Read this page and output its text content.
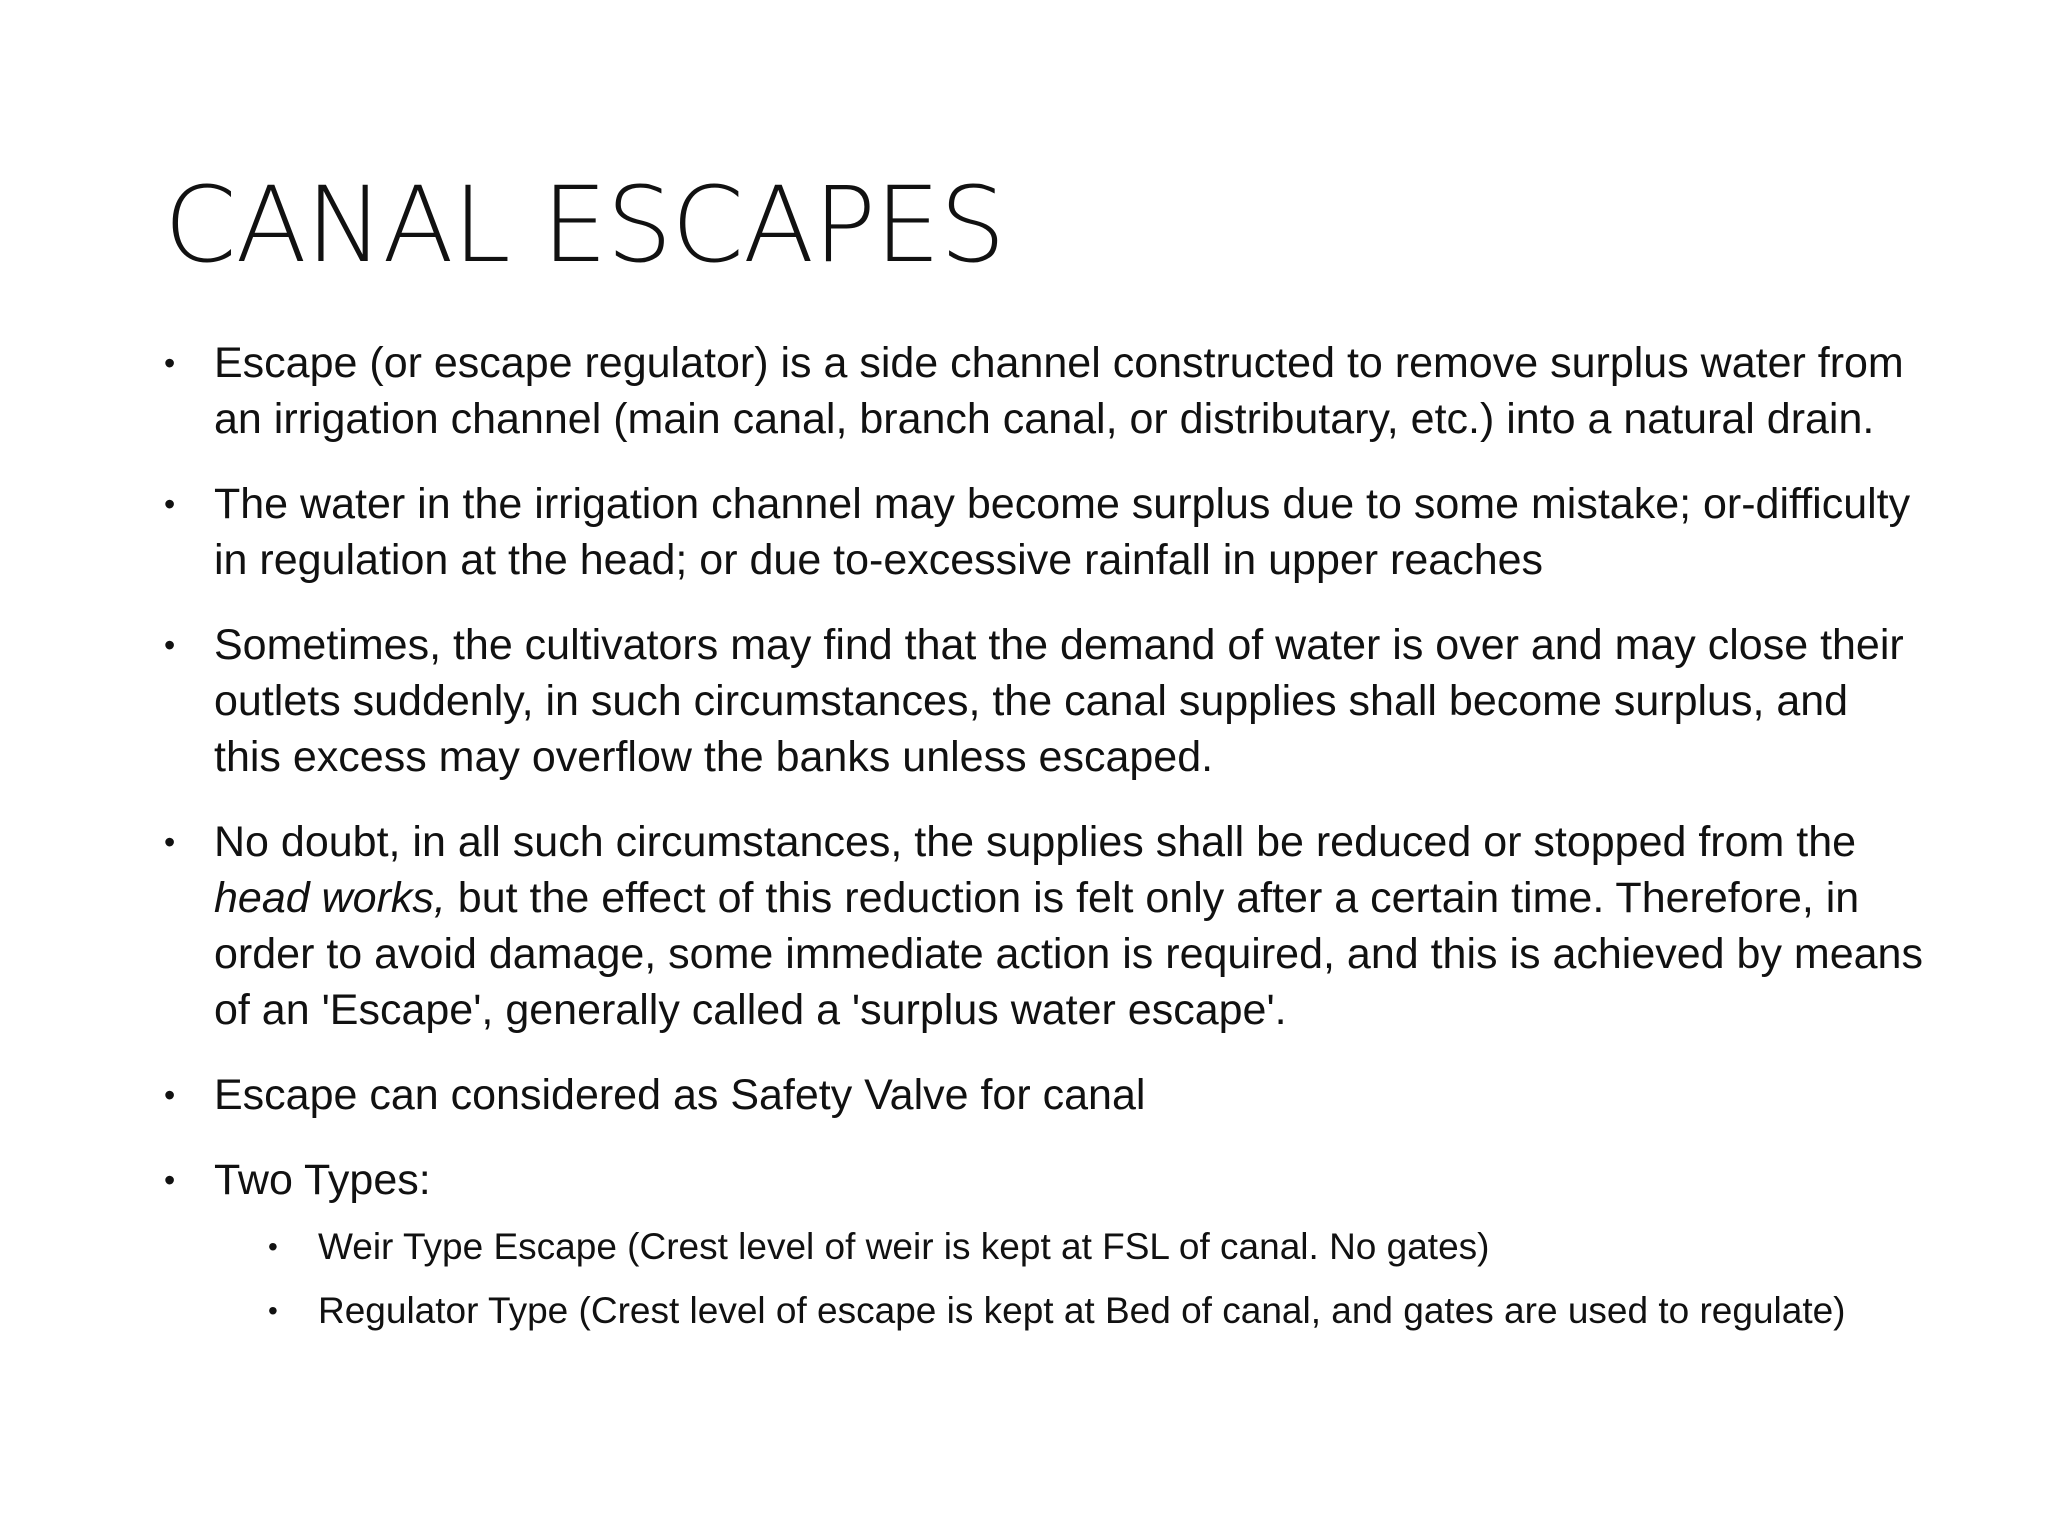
CANAL ESCAPES
• Escape (or escape regulator) is a side channel constructed to remove surplus water from an irrigation channel (main canal, branch canal, or distributary, etc.) into a natural drain.
• The water in the irrigation channel may become surplus due to some mistake; or-difficulty in regulation at the head; or due to-excessive rainfall in upper reaches
• Sometimes, the cultivators may find that the demand of water is over and may close their outlets suddenly, in such circumstances, the canal supplies shall become surplus, and this excess may overflow the banks unless escaped.
• No doubt, in all such circumstances, the supplies shall be reduced or stopped from the head works, but the effect of this reduction is felt only after a certain time. Therefore, in order to avoid damage, some immediate action is required, and this is achieved by means of an 'Escape', generally called a 'surplus water escape'.
• Escape can considered as Safety Valve for canal
• Two Types:
•	Weir Type Escape (Crest level of weir is kept at FSL of canal. No gates)
•	Regulator Type (Crest level of escape is kept at Bed of canal, and gates are used to regulate)
